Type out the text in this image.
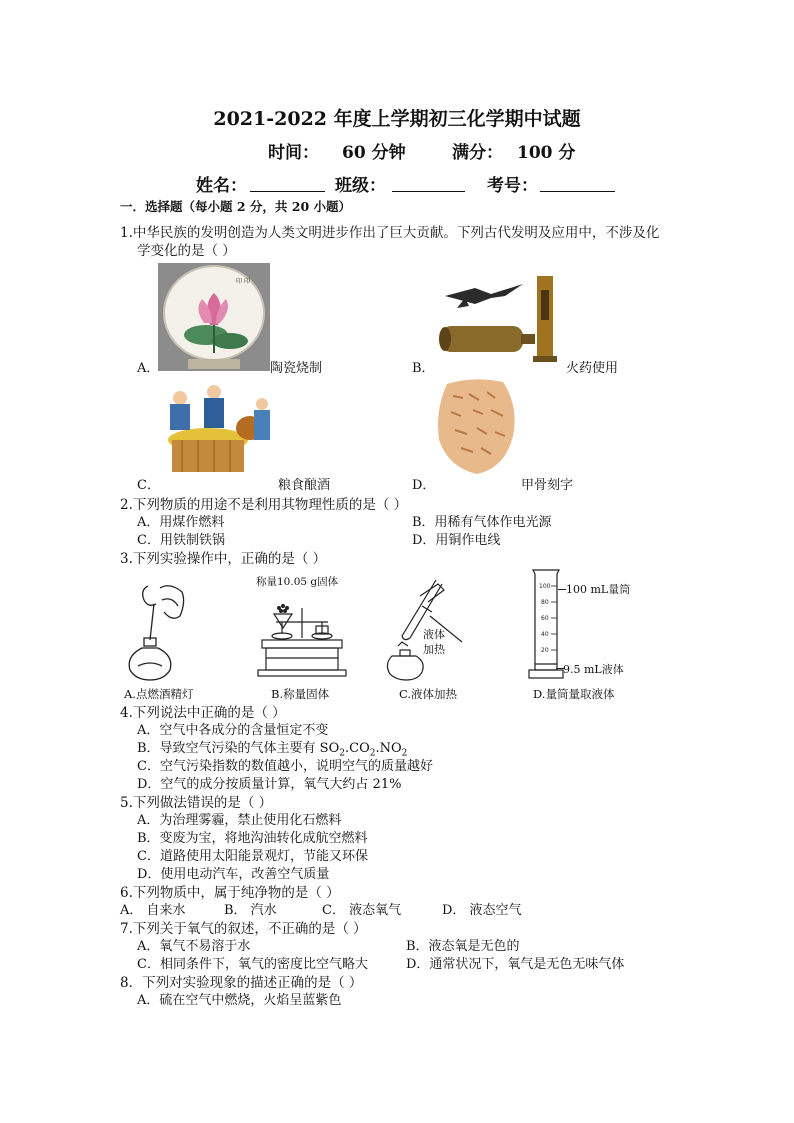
2021-2022 年度上学期初三化学期中试题
时间： 60 分钟	满分： 100 分
姓名：	班级：	考号：
一．选择题（每小题 2 分，共 20 小题）
1.中华民族的发明创造为人类文明进步作出了巨大贡献。下列古代发明及应用中，不涉及化
学变化的是（ ）
印 印
A．	陶瓷烧制	B．	火药使用
C．	粮食酿酒	D．	甲骨刻字
2.下列物质的用途不是利用其物理性质的是（ ）
A．用煤作燃料	B．用稀有气体作电光源
C．用铁制铁锅	D．用铜作电线
3.下列实验操作中，正确的是（ ）
A.点燃酒精灯
称量10.05 g固体
B.称量固体
液体
加热
C.液体加热
100
80
60
40
20
100 mL量筒
9.5 mL液体
D.量筒量取液体
4.下列说法中正确的是（ ）
A．空气中各成分的含量恒定不变
B．导致空气污染的气体主要有 $SO_2.CO_2.NO_2$
C．空气污染指数的数值越小，说明空气的质量越好
D．空气的成分按质量计算，氧气大约占 21%
5.下列做法错误的是（ ）
A．为治理雾霾，禁止使用化石燃料
B．变废为宝，将地沟油转化成航空燃料
C．道路使用太阳能景观灯，节能又环保
D．使用电动汽车，改善空气质量
6.下列物质中，属于纯净物的是（ ）
A． 自来水	B． 汽水	C． 液态氧气	D． 液态空气
7.下列关于氧气的叙述，不正确的是（ ）
A．氧气不易溶于水	B．液态氧是无色的
C．相同条件下，氧气的密度比空气略大	D．通常状况下，氧气是无色无味气体
8．下列对实验现象的描述正确的是（ ）
A．硫在空气中燃烧，火焰呈蓝紫色
